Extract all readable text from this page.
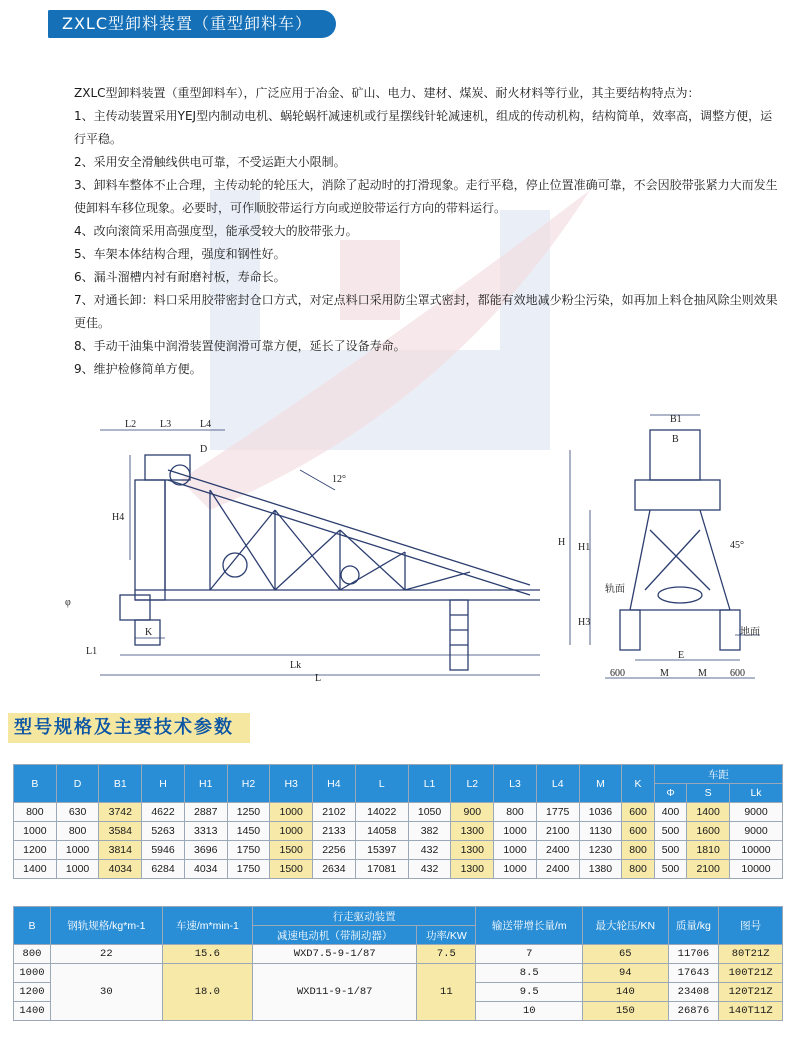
ZXLC型卸料装置（重型卸料车）

ZXLC型卸料装置（重型卸料车），广泛应用于冶金、矿山、电力、建材、煤炭、耐火材料等行业，其主要结构特点为：

1、主传动装置采用YEJ型内制动电机、蜗轮蜗杆减速机或行星摆线针轮减速机，组成的传动机构，结构简单，效率高，调整方便，运行平稳。

2、采用安全滑触线供电可靠，不受运距大小限制。

3、卸料车整体不止合理，主传动轮的轮压大，消除了起动时的打滑现象。走行平稳，停止位置准确可靠，不会因胶带张紧力大而发生使卸料车移位现象。必要时，可作顺胶带运行方向或逆胶带运行方向的带料运行。

4、改向滚筒采用高强度型，能承受较大的胶带张力。

5、车架本体结构合理，强度和钢性好。

6、漏斗溜槽内衬有耐磨衬板，寿命长。

7、对通长卸：料口采用胶带密封仓口方式，对定点料口采用防尘罩式密封，都能有效地减少粉尘污染，如再加上料仓抽风除尘则效果更佳。

8、手动干油集中润滑装置使润滑可靠方便，延长了设备寿命。

9、维护检修简单方便。

L2 L3	L4
D
12°
H4
φ
K
L1
Lk
L
B1
B
H H1
H3
45°
轨面
地面
E
M	M
600	600
型号规格及主要技术参数
B	D	B1	H	H1	H2	H3	H4	L	L1	L2	L3	L4	M	K	车距		
															Φ	S	Lk
800	630	3742	4622	2887	1250	1000	2102	14022	1050	900	800	1775	1036	600	400	1400	9000
1000	800	3584	5263	3313	1450	1000	2133	14058	382	1300	1000	2100	1130	600	500	1600	9000
1200	1000	3814	5946	3696	1750	1500	2256	15397	432	1300	1000	2400	1230	800	500	1810	10000
1400	1000	4034	6284	4034	1750	1500	2634	17081	432	1300	1000	2400	1380	800	500	2100	10000
B	钢轨规格/kg*m-1	车速/m*min-1	行走驱动装置		输送带增长量/m	最大轮压/KN	质量/kg	图号
			减速电动机（带制动器）	功率/KW				
800	22	15.6	WXD7.5-9-1/87	7.5	7	65	11706	80T21Z
1000	30	18.0	WXD11-9-1/87	11	8.5	94	17643	100T21Z
1200					9.5	140	23408	120T21Z
1400					10	150	26876	140T11Z
